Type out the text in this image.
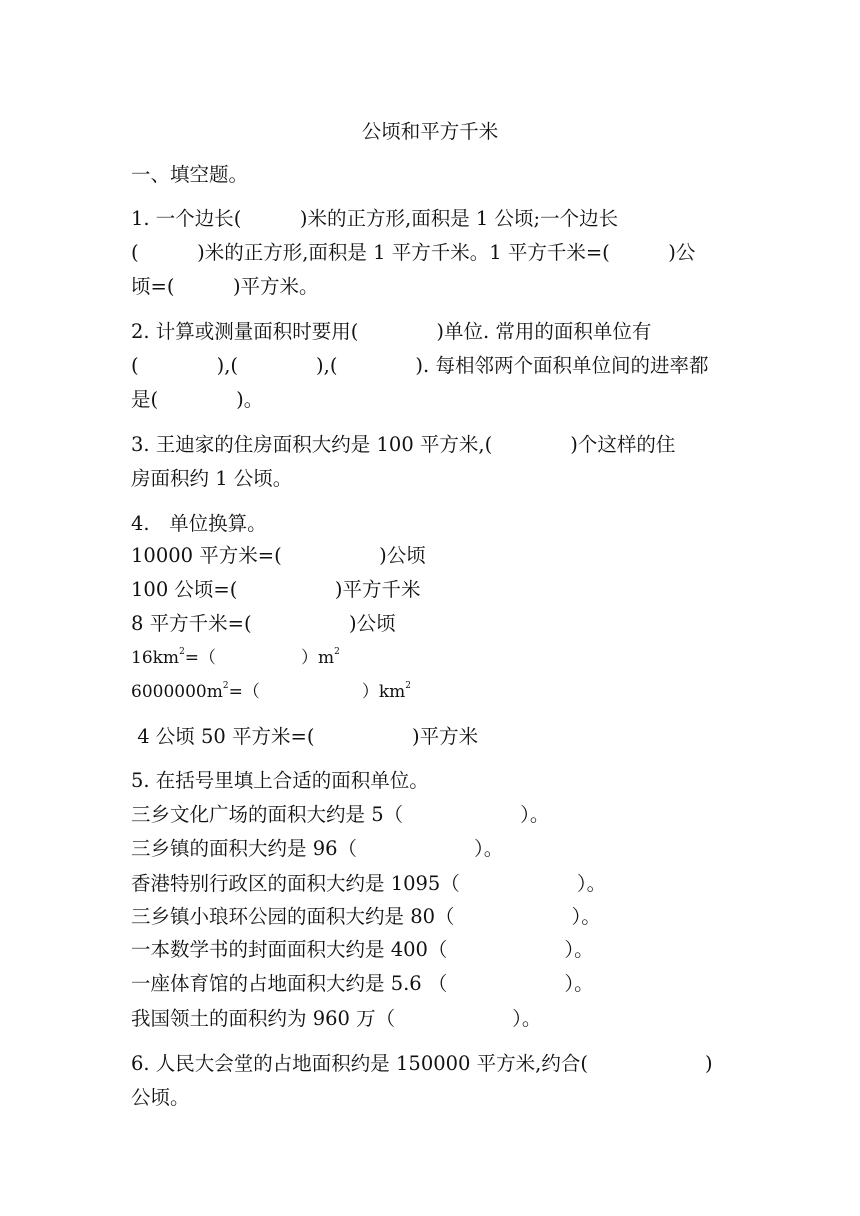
公顷和平方千米
一、填空题。
1. 一个边长(　　　)米的正方形,面积是 1 公顷;一个边长
(　　　)米的正方形,面积是 1 平方千米。1 平方千米=(　　　)公
顷=(　　　)平方米。
2. 计算或测量面积时要用(　　　　)单位. 常用的面积单位有
(　　　　),(　　　　),(　　　　). 每相邻两个面积单位间的进率都
是(　　　　)。
3. 王迪家的住房面积大约是 100 平方米,(　　　　)个这样的住
房面积约 1 公顷。
4.　单位换算。
10000 平方米=(　　　　　)公顷
100 公顷=(　　　　　)平方千米
8 平方千米=(　　　　　)公顷
$16km^2=$（　　　　　）$m^2$
$6000000m^2=$（　　　　　　）$km^2$
4 公顷 50 平方米=(　　　　　)平方米
5. 在括号里填上合适的面积单位。
三乡文化广场的面积大约是 5（　　　　　　）。
三乡镇的面积大约是 96（　　　　　　）。
香港特别行政区的面积大约是 1095（　　　　　　）。
三乡镇小琅环公园的面积大约是 80（　　　　　　）。
一本数学书的封面面积大约是 400（　　　　　　）。
一座体育馆的占地面积大约是 5.6 （　　　　　　）。
我国领土的面积约为 960 万（　　　　　　）。
6. 人民大会堂的占地面积约是 150000 平方米,约合(　　　　　　)
公顷。
